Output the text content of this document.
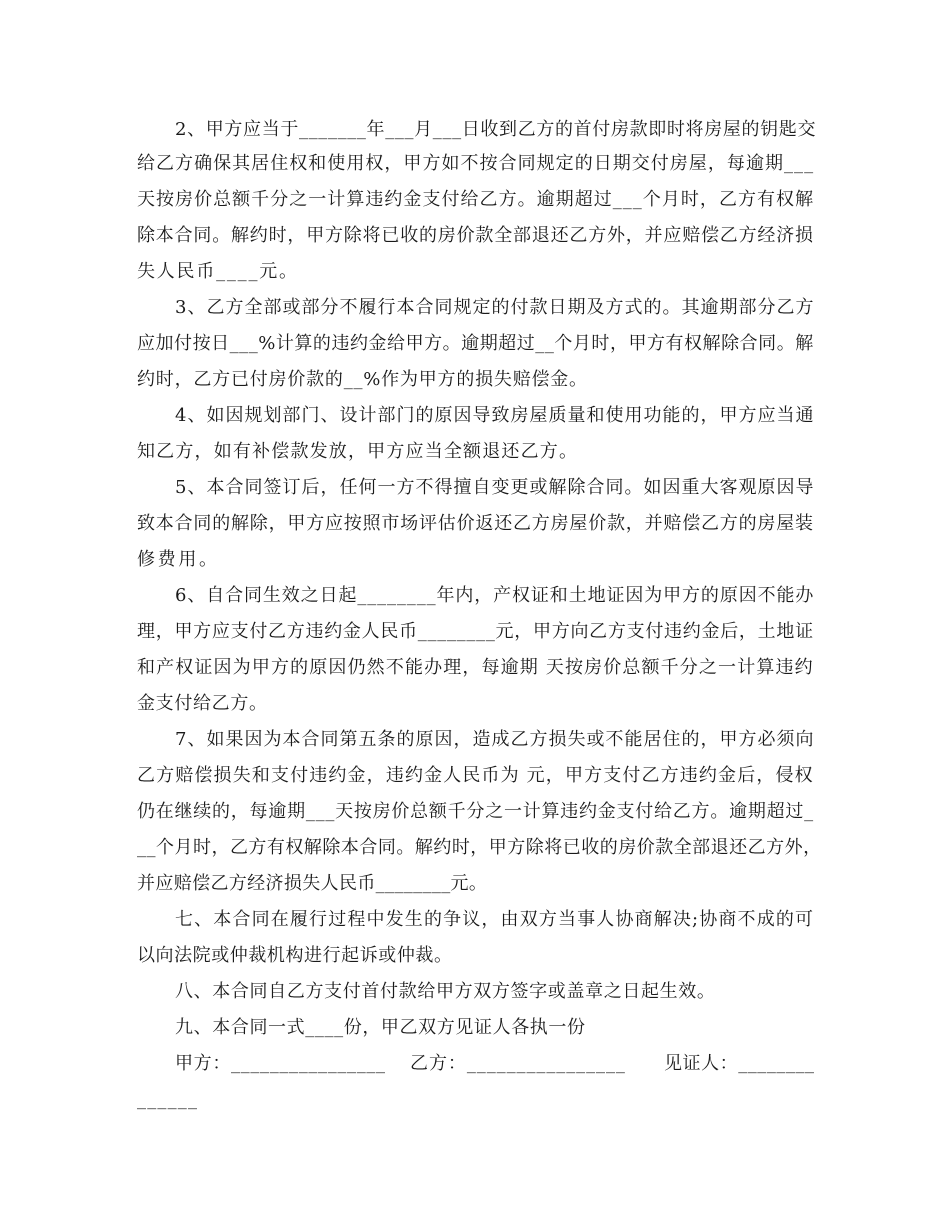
2、甲方应当于_______年___月___日收到乙方的首付房款即时将房屋的钥匙交
给乙方确保其居住权和使用权，甲方如不按合同规定的日期交付房屋，每逾期___
天按房价总额千分之一计算违约金支付给乙方。逾期超过___个月时，乙方有权解
除本合同。解约时，甲方除将已收的房价款全部退还乙方外，并应赔偿乙方经济损
失人民币____元。
3、乙方全部或部分不履行本合同规定的付款日期及方式的。其逾期部分乙方
应加付按日___%计算的违约金给甲方。逾期超过__个月时，甲方有权解除合同。解
约时，乙方已付房价款的__%作为甲方的损失赔偿金。
4、如因规划部门、设计部门的原因导致房屋质量和使用功能的，甲方应当通
知乙方，如有补偿款发放，甲方应当全额退还乙方。
5、本合同签订后，任何一方不得擅自变更或解除合同。如因重大客观原因导
致本合同的解除，甲方应按照市场评估价返还乙方房屋价款，并赔偿乙方的房屋装
修费用。
6、自合同生效之日起________年内，产权证和土地证因为甲方的原因不能办
理，甲方应支付乙方违约金人民币________元，甲方向乙方支付违约金后，土地证
和产权证因为甲方的原因仍然不能办理，每逾期 天按房价总额千分之一计算违约
金支付给乙方。
7、如果因为本合同第五条的原因，造成乙方损失或不能居住的，甲方必须向
乙方赔偿损失和支付违约金，违约金人民币为 元，甲方支付乙方违约金后，侵权
仍在继续的，每逾期___天按房价总额千分之一计算违约金支付给乙方。逾期超过_
__个月时，乙方有权解除本合同。解约时，甲方除将已收的房价款全部退还乙方外，
并应赔偿乙方经济损失人民币________元。
七、本合同在履行过程中发生的争议，由双方当事人协商解决;协商不成的可
以向法院或仲裁机构进行起诉或仲裁。
八、本合同自乙方支付首付款给甲方双方签字或盖章之日起生效。
九、本合同一式____份，甲乙双方见证人各执一份
甲方：________________ 乙方：________________ 见证人：________
______
